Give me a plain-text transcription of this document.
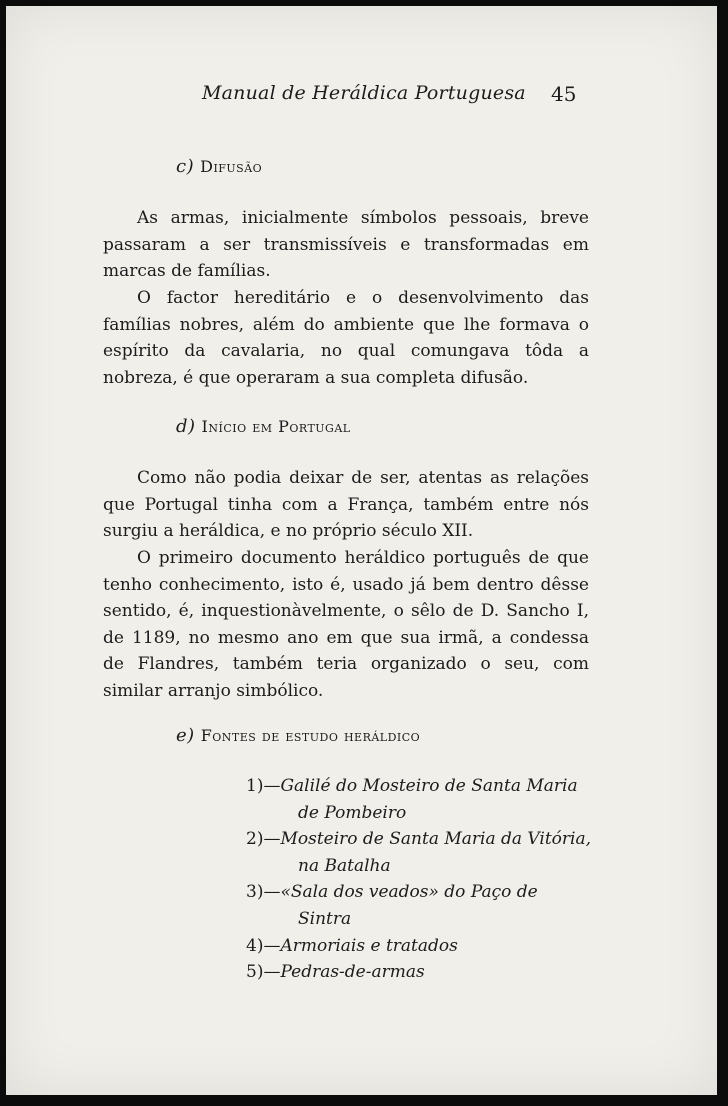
Manual de Heráldica Portuguesa 45
c) Difusão

As armas, inicialmente símbolos pessoais, breve passaram a ser transmissíveis e transformadas em marcas de famílias.

O factor hereditário e o desenvolvimento das famílias nobres, além do ambiente que lhe formava o espírito da cavalaria, no qual comungava tôda a nobreza, é que operaram a sua completa difusão.

d) Início em Portugal

Como não podia deixar de ser, atentas as relações que Portugal tinha com a França, também entre nós surgiu a heráldica, e no próprio século XII.

O primeiro documento heráldico português de que tenho conhecimento, isto é, usado já bem dentro dêsse sentido, é, inquestionàvelmente, o sêlo de D. Sancho I, de 1189, no mesmo ano em que sua irmã, a condessa de Flandres, também teria organizado o seu, com similar arranjo simbólico.

e) Fontes de estudo heráldico
1)—Galilé do Mosteiro de Santa Maria de Pombeiro
2)—Mosteiro de Santa Maria da Vitória, na Batalha
3)—«Sala dos veados» do Paço de Sintra
4)—Armoriais e tratados
5)—Pedras-de-armas
